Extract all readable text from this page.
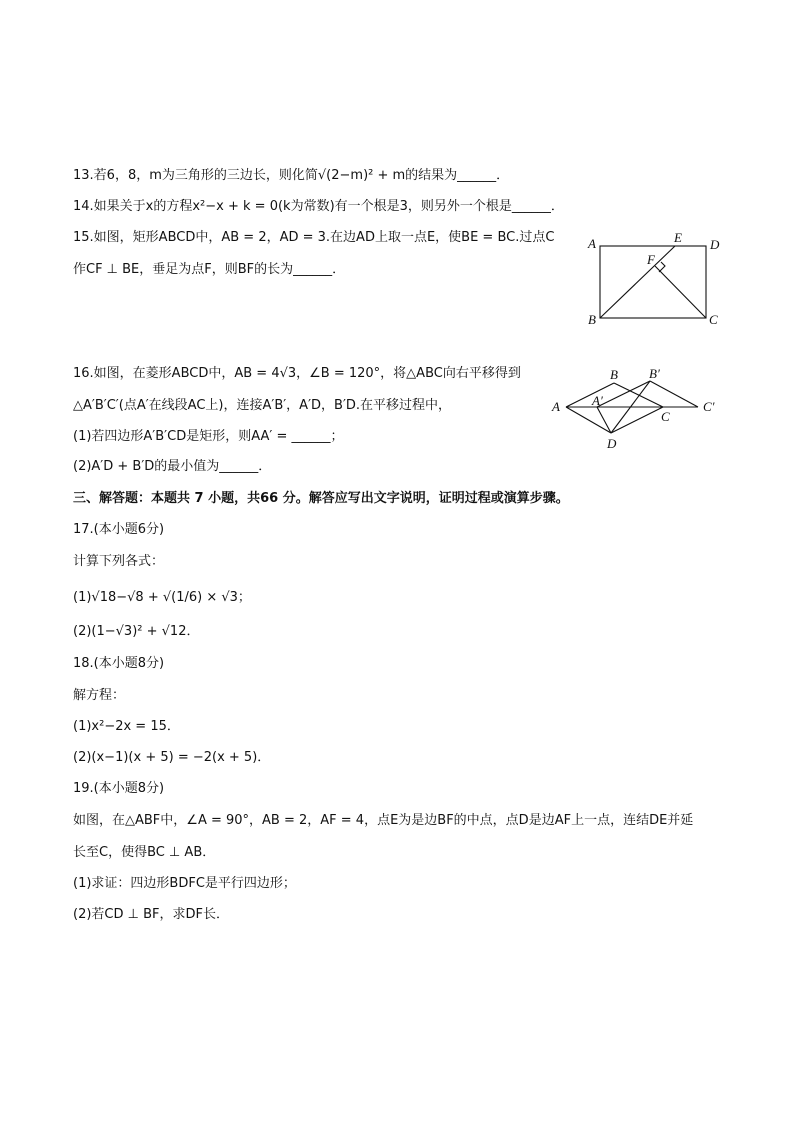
13.若6，8，m为三角形的三边长，则化简√(2−m)² + m的结果为______．
14.如果关于x的方程x²−x + k = 0(k为常数)有一个根是3，则另外一个根是______．
15.如图，矩形ABCD中，AB = 2，AD = 3.在边AD上取一点E，使BE = BC.过点C
作CF ⊥ BE，垂足为点F，则BF的长为______．
A	E D
F
B	C
16.如图，在菱形ABCD中，AB = 4√3，∠B = 120°，将△ABC向右平移得到
△A′B′C′(点A′在线段AC上)，连接A′B′，A′D，B′D.在平移过程中，
(1)若四边形A′B′CD是矩形，则AA′ = ______；
(2)A′D + B′D的最小值为______．
A
B B′
A′
C
C′
D
三、解答题：本题共 7 小题，共66 分。解答应写出文字说明，证明过程或演算步骤。
17.(本小题6分)
计算下列各式：
(1)√18−√8 + √(1/6) × √3；
(2)(1−√3)² + √12．
18.(本小题8分)
解方程：
(1)x²−2x = 15．
(2)(x−1)(x + 5) = −2(x + 5)．
19.(本小题8分)
如图，在△ABF中，∠A = 90°，AB = 2，AF = 4，点E为是边BF的中点，点D是边AF上一点，连结DE并延
长至C，使得BC ⊥ AB．
(1)求证：四边形BDFC是平行四边形；
(2)若CD ⊥ BF，求DF长．
